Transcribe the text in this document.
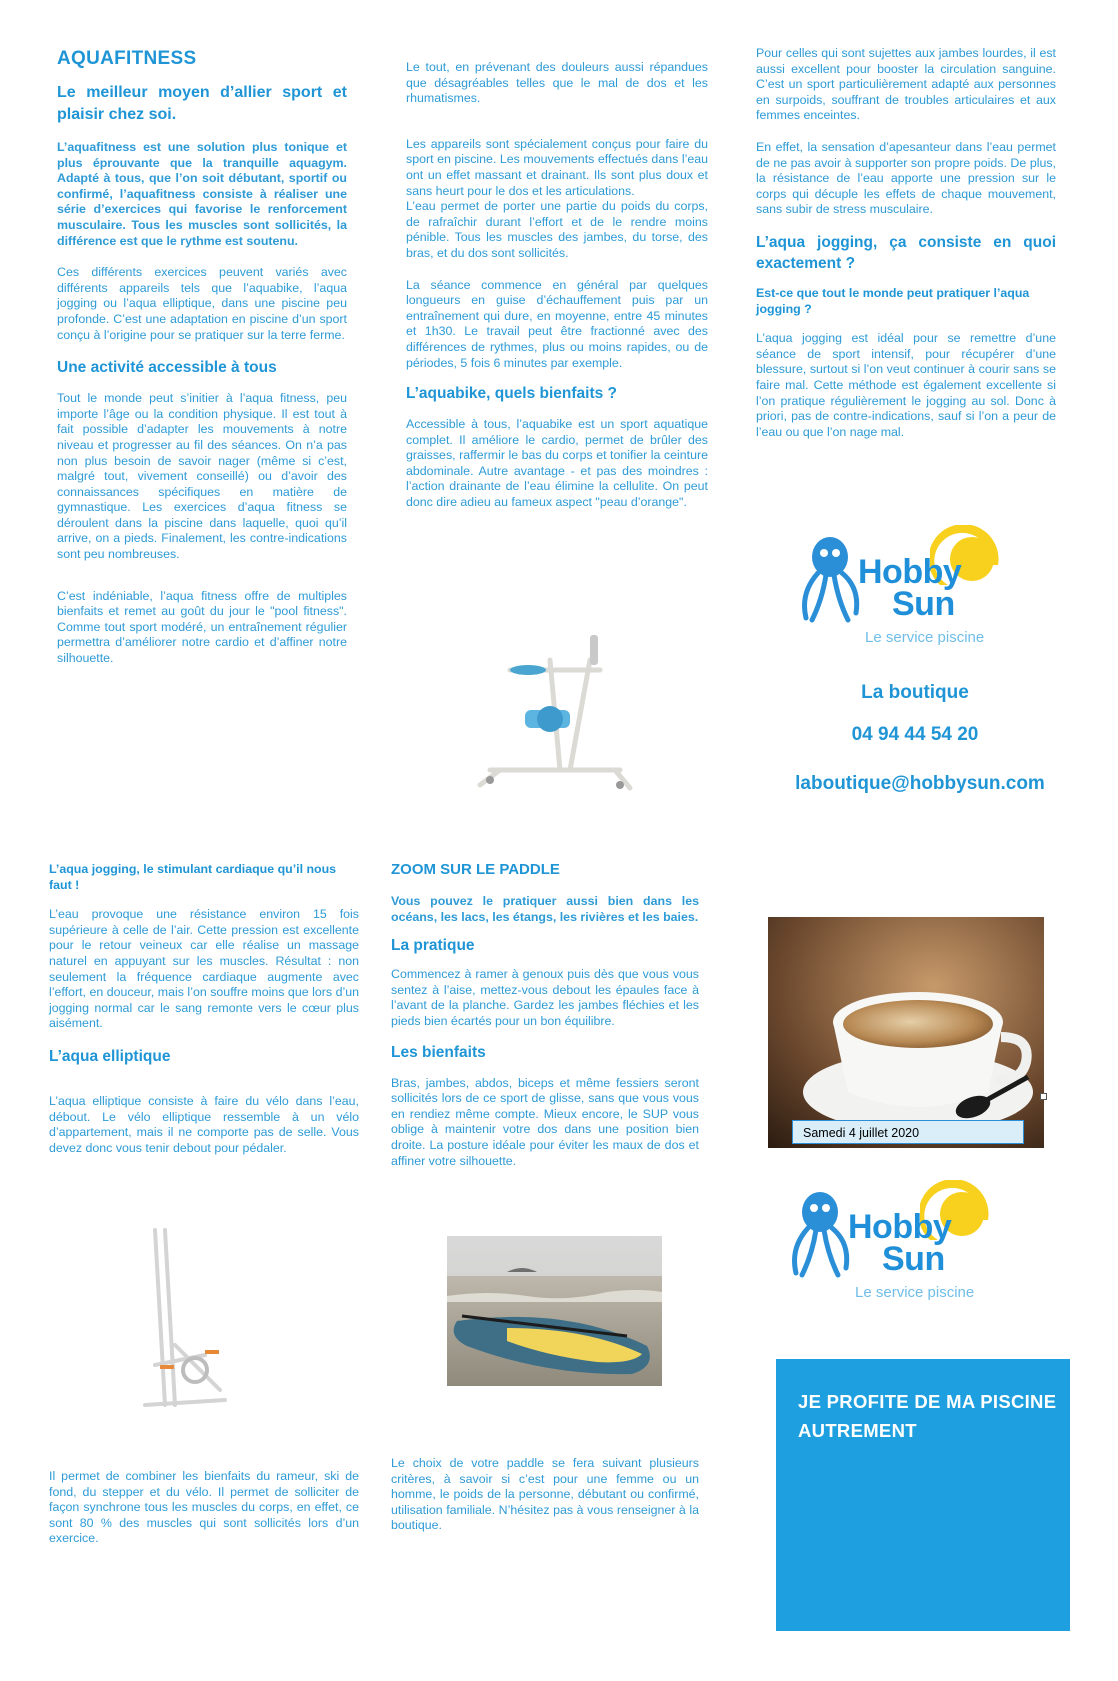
AQUAFITNESS
Le meilleur moyen d’allier sport et plaisir chez soi.

L’aquafitness est une solution plus tonique et plus éprouvante que la tranquille aquagym. Adapté à tous, que l’on soit débutant, sportif ou confirmé, l’aquafitness consiste à réaliser une série d’exercices qui favorise le renforcement musculaire. Tous les muscles sont sollicités, la différence est que le rythme est soutenu.

Ces différents exercices peuvent variés avec différents appareils tels que l’aquabike, l’aqua jogging ou l’aqua elliptique, dans une piscine peu profonde. C’est une adaptation en piscine d’un sport conçu à l’origine pour se pratiquer sur la terre ferme.

Une activité accessible à tous

Tout le monde peut s’initier à l’aqua fitness, peu importe l’âge ou la condition physique. Il est tout à fait possible d’adapter les mouvements à notre niveau et progresser au fil des séances. On n’a pas non plus besoin de savoir nager (même si c’est, malgré tout, vivement conseillé) ou d’avoir des connaissances spécifiques en matière de gymnastique. Les exercices d’aqua fitness se déroulent dans la piscine dans laquelle, quoi qu’il arrive, on a pieds. Finalement, les contre-indications sont peu nombreuses.

C’est indéniable, l’aqua fitness offre de multiples bienfaits et remet au goût du jour le "pool fitness". Comme tout sport modéré, un entraînement régulier permettra d’améliorer notre cardio et d’affiner notre silhouette.

Le tout, en prévenant des douleurs aussi répandues que désagréables telles que le mal de dos et les rhumatismes.

Les appareils sont spécialement conçus pour faire du sport en piscine. Les mouvements effectués dans l’eau ont un effet massant et drainant. Ils sont plus doux et sans heurt pour le dos et les articulations.

L’eau permet de porter une partie du poids du corps, de rafraîchir durant l’effort et de le rendre moins pénible. Tous les muscles des jambes, du torse, des bras, et du dos sont sollicités.

La séance commence en général par quelques longueurs en guise d’échauffement puis par un entraînement qui dure, en moyenne, entre 45 minutes et 1h30. Le travail peut être fractionné avec des différences de rythmes, plus ou moins rapides, ou de périodes, 5 fois 6 minutes par exemple.

L’aquabike, quels bienfaits ?

Accessible à tous, l’aquabike est un sport aquatique complet. Il améliore le cardio, permet de brûler des graisses, raffermir le bas du corps et tonifier la ceinture abdominale. Autre avantage - et pas des moindres : l’action drainante de l’eau élimine la cellulite. On peut donc dire adieu au fameux aspect "peau d’orange".

Pour celles qui sont sujettes aux jambes lourdes, il est aussi excellent pour booster la circulation sanguine. C’est un sport particulièrement adapté aux personnes en surpoids, souffrant de troubles articulaires et aux femmes enceintes.

En effet, la sensation d’apesanteur dans l’eau permet de ne pas avoir à supporter son propre poids. De plus, la résistance de l’eau apporte une pression sur le corps qui décuple les effets de chaque mouvement, sans subir de stress musculaire.

L’aqua jogging, ça consiste en quoi exactement ?

Est-ce que tout le monde peut pratiquer l’aqua jogging ?

L’aqua jogging est idéal pour se remettre d’une séance de sport intensif, pour récupérer d’une blessure, surtout si l’on veut continuer à courir sans se faire mal. Cette méthode est également excellente si l’on pratique régulièrement le jogging au sol. Donc à priori, pas de contre-indications, sauf si l’on a peur de l’eau ou que l’on nage mal.

Hobby
Sun
Le service piscine
La boutique
04 94 44 54 20
laboutique@hobbysun.com

L’aqua jogging, le stimulant cardiaque qu’il nous faut !

L’eau provoque une résistance environ 15 fois supérieure à celle de l’air. Cette pression est excellente pour le retour veineux car elle réalise un massage naturel en appuyant sur les muscles. Résultat : non seulement la fréquence cardiaque augmente avec l’effort, en douceur, mais l’on souffre moins que lors d’un jogging normal car le sang remonte vers le cœur plus aisément.

L’aqua elliptique

L’aqua elliptique consiste à faire du vélo dans l’eau, débout. Le vélo elliptique ressemble à un vélo d’appartement, mais il ne comporte pas de selle. Vous devez donc vous tenir debout pour pédaler.

Il permet de combiner les bienfaits du rameur, ski de fond, du stepper et du vélo. Il permet de solliciter de façon synchrone tous les muscles du corps, en effet, ce sont 80 % des muscles qui sont sollicités lors d’un exercice.

ZOOM SUR LE PADDLE

Vous pouvez le pratiquer aussi bien dans les océans, les lacs, les étangs, les rivières et les baies.

La pratique

Commencez à ramer à genoux puis dès que vous vous sentez à l’aise, mettez-vous debout les épaules face à l’avant de la planche. Gardez les jambes fléchies et les pieds bien écartés pour un bon équilibre.

Les bienfaits

Bras, jambes, abdos, biceps et même fessiers seront sollicités lors de ce sport de glisse, sans que vous vous en rendiez même compte. Mieux encore, le SUP vous oblige à maintenir votre dos dans une position bien droite. La posture idéale pour éviter les maux de dos et affiner votre silhouette.

Le choix de votre paddle se fera suivant plusieurs critères, à savoir si c’est pour une femme ou un homme, le poids de la personne, débutant ou confirmé, utilisation familiale. N’hésitez pas à vous renseigner à la boutique.

Samedi 4 juillet 2020
Hobby
Sun
Le service piscine
JE PROFITE DE MA PISCINE AUTREMENT
